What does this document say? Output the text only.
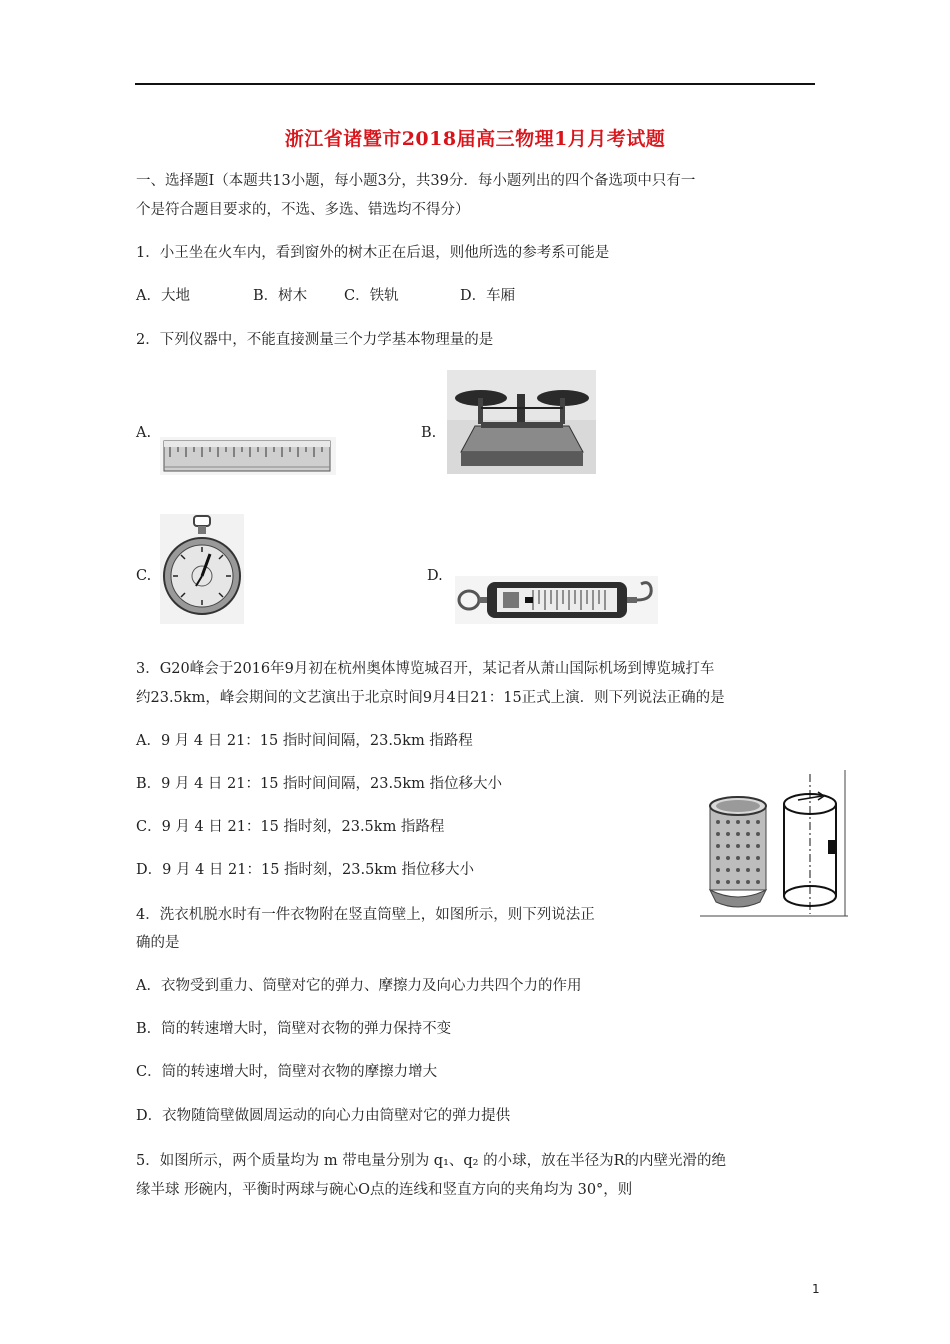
浙江省诸暨市2018届高三物理1月月考试题
一、选择题Ⅰ（本题共13小题，每小题3分，共39分．每小题列出的四个备选项中只有一
个是符合题目要求的，不选、多选、错选均不得分）
1．小王坐在火车内，看到窗外的树木正在后退，则他所选的参考系可能是
A．大地	B．树木	C．铁轨	D．车厢
2．下列仪器中，不能直接测量三个力学基本物理量的是
A.	B.
C.	D.
3．G20峰会于2016年9月初在杭州奥体博览城召开，某记者从萧山国际机场到博览城打车
约23.5km，峰会期间的文艺演出于北京时间9月4日21：15正式上演．则下列说法正确的是
A．9 月 4 日 21：15 指时间间隔，23.5km 指路程
B．9 月 4 日 21：15 指时间间隔，23.5km 指位移大小
C．9 月 4 日 21：15 指时刻，23.5km 指路程
D．9 月 4 日 21：15 指时刻，23.5km 指位移大小
4．洗衣机脱水时有一件衣物附在竖直筒壁上，如图所示，则下列说法正
确的是
A．衣物受到重力、筒壁对它的弹力、摩擦力及向心力共四个力的作用
B．筒的转速增大时，筒壁对衣物的弹力保持不变
C．筒的转速增大时，筒壁对衣物的摩擦力增大
D．衣物随筒壁做圆周运动的向心力由筒壁对它的弹力提供
5．如图所示，两个质量均为 m 带电量分别为 q₁、q₂ 的小球，放在半径为R的内壁光滑的绝
缘半球 形碗内，平衡时两球与碗心O点的连线和竖直方向的夹角均为 30°，则
1
